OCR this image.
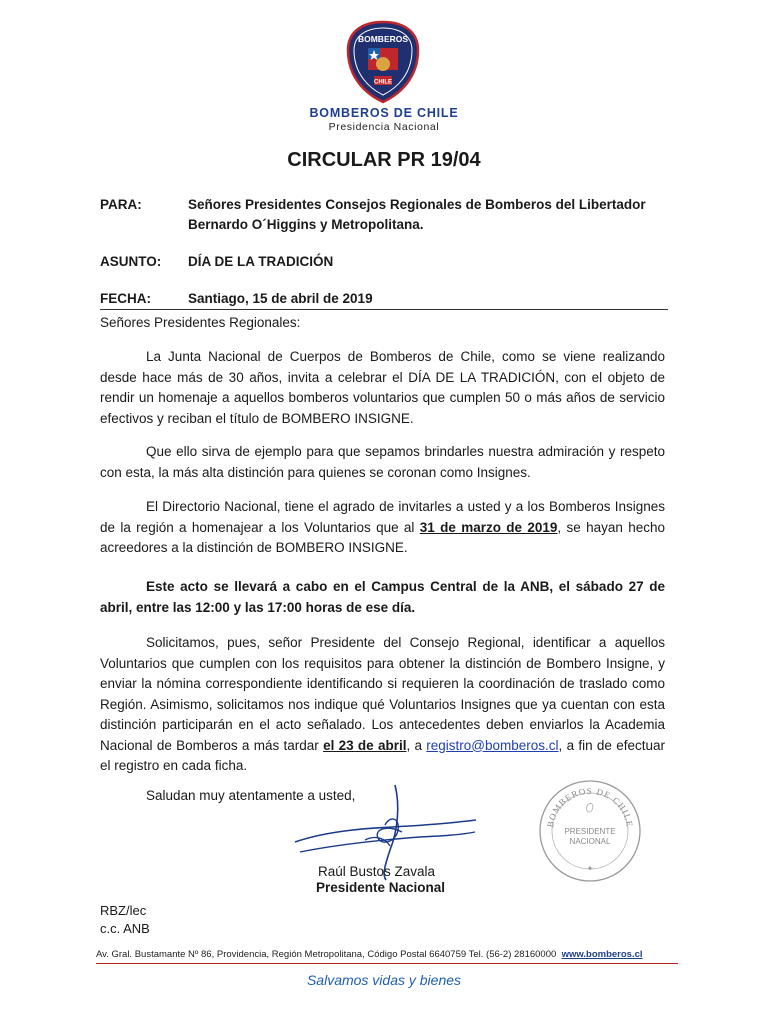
BOMBEROS
CHILE
BOMBEROS DE CHILE
Presidencia Nacional
CIRCULAR PR 19/04
PARA:	Señores Presidentes Consejos Regionales de Bomberos del Libertador
Bernardo O´Higgins y Metropolitana.
ASUNTO: DÍA DE LA TRADICIÓN
FECHA:	Santiago, 15 de abril de 2019
Señores Presidentes Regionales:
La Junta Nacional de Cuerpos de Bomberos de Chile, como se viene realizando desde hace más de 30 años, invita a celebrar el DÍA DE LA TRADICIÓN, con el objeto de rendir un homenaje a aquellos bomberos voluntarios que cumplen 50 o más años de servicio efectivos y reciban el título de BOMBERO INSIGNE.
Que ello sirva de ejemplo para que sepamos brindarles nuestra admiración y respeto con esta, la más alta distinción para quienes se coronan como Insignes.
El Directorio Nacional, tiene el agrado de invitarles a usted y a los Bomberos Insignes de la región a homenajear a los Voluntarios que al 31 de marzo de 2019, se hayan hecho acreedores a la distinción de BOMBERO INSIGNE.
Este acto se llevará a cabo en el Campus Central de la ANB, el sábado 27 de abril, entre las 12:00 y las 17:00 horas de ese día.
Solicitamos, pues, señor Presidente del Consejo Regional, identificar a aquellos Voluntarios que cumplen con los requisitos para obtener la distinción de Bombero Insigne, y enviar la nómina correspondiente identificando si requieren la coordinación de traslado como Región. Asimismo, solicitamos nos indique qué Voluntarios Insignes que ya cuentan con esta distinción participarán en el acto señalado. Los antecedentes deben enviarlos la Academia Nacional de Bomberos a más tardar el 23 de abril, a registro@bomberos.cl, a fin de efectuar el registro en cada ficha.
Saludan muy atentamente a usted,
BOMBEROS DE CHILE
PRESIDENTE
NACIONAL
✦
Raúl Bustos Zavala
Presidente Nacional
RBZ/lec
c.c. ANB
Av. Gral. Bustamante Nº 86, Providencia, Región Metropolitana, Código Postal 6640759 Tel. (56-2) 28160000 www.bomberos.cl
Salvamos vidas y bienes
